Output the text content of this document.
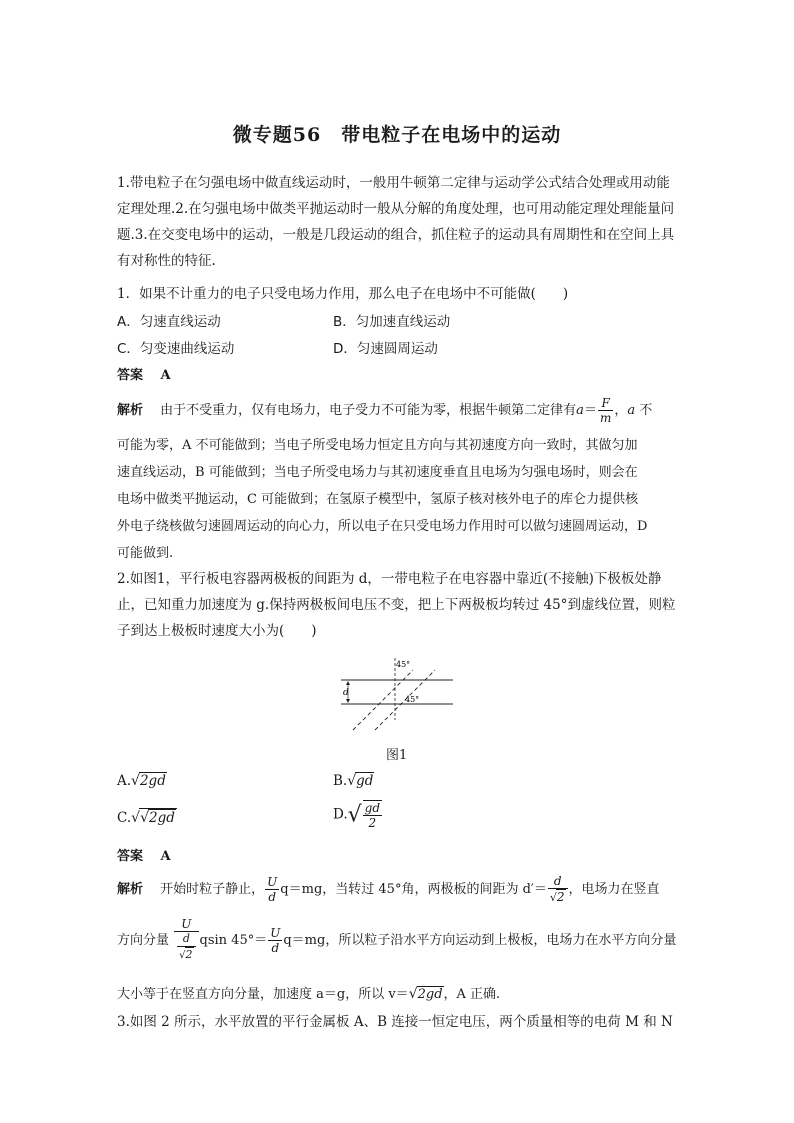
微专题56　带电粒子在电场中的运动
1.带电粒子在匀强电场中做直线运动时，一般用牛顿第二定律与运动学公式结合处理或用动能定理处理.2.在匀强电场中做类平抛运动时一般从分解的角度处理，也可用动能定理处理能量问题.3.在交变电场中的运动，一般是几段运动的组合，抓住粒子的运动具有周期性和在空间上具有对称性的特征.
1．如果不计重力的电子只受电场力作用，那么电子在电场中不可能做(　　)
A．匀速直线运动	B．匀加速直线运动
C．匀变速曲线运动	D．匀速圆周运动
答案　 A
解析　 由于不受重力，仅有电场力，电子受力不可能为零，根据牛顿第二定律有$a= \frac{F}{m}$ ，a 不
可能为零，A 不可能做到；当电子所受电场力恒定且方向与其初速度方向一致时，其做匀加
速直线运动，B 可能做到；当电子所受电场力与其初速度垂直且电场为匀强电场时，则会在
电场中做类平抛运动，C 可能做到；在氢原子模型中，氢原子核对核外电子的库仑力提供核
外电子绕核做匀速圆周运动的向心力，所以电子在只受电场力作用时可以做匀速圆周运动，D
可能做到.
2.如图1，平行板电容器两极板的间距为 d，一带电粒子在电容器中靠近(不接触)下极板处静止，已知重力加速度为 g.保持两极板间电压不变，把上下两极板均转过 45°到虚线位置，则粒子到达上极板时速度大小为(　　)
d
45°
45°
图1
A.√2gd	B.√gd
C.√√2gd	$D.√ \frac{gd}{2}$
答案　 A
解析　 开始时粒子静止， $\frac{U}{d} q=mg$，当转过 45°角，两极板的间距为 $d'= \frac{d}{√2}$ ，电场力在竖直
方向分量 $\frac{U}{\frac{d}{√2}}$ qsin $45^\circ= \frac{U}{d} q=mg$，所以粒子沿水平方向运动到上极板，电场力在水平方向分量
大小等于在竖直方向分量，加速度 a＝g，所以 v＝√2gd，A 正确.
3.如图 2 所示，水平放置的平行金属板 A、B 连接一恒定电压，两个质量相等的电荷 M 和 N
